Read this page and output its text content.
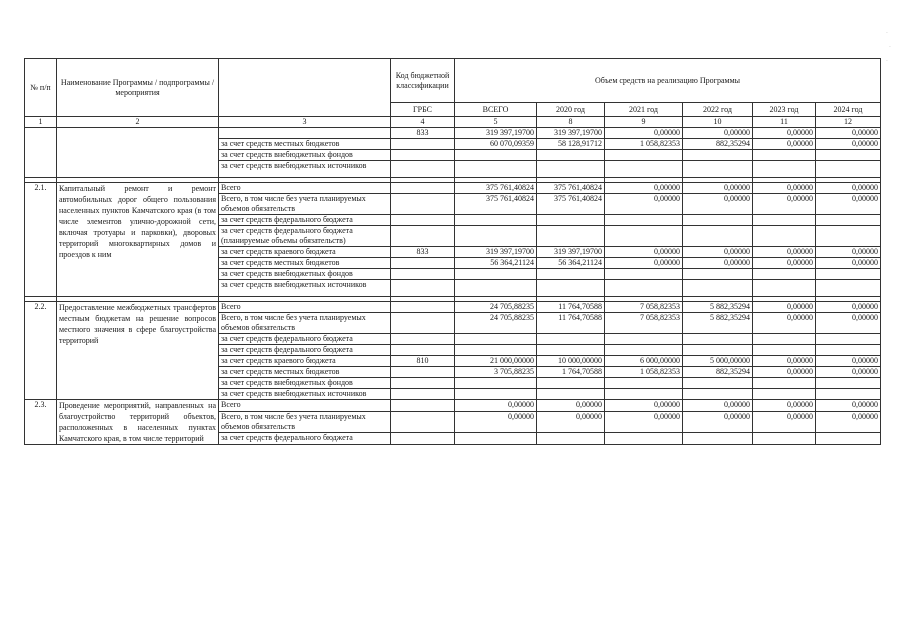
·
·
·
№ п/п	Наименование Программы / подпрограммы / мероприятия		Код бюджетной классификации	Объем средств на реализацию Программы					
			ГРБС	ВСЕГО	2020 год	2021 год	2022 год	2023 год	2024 год
1	2	3	4	5	8	9	10	11	12
			833	319 397,19700	319 397,19700	0,00000	0,00000	0,00000	0,00000
		за счет средств местных бюджетов		60 070,09359	58 128,91712	1 058,82353	882,35294	0,00000	0,00000
		за счет средств внебюджетных фондов							
		за счет средств внебюджетных источников							

2.1.	Капитальный ремонт и ремонт автомобильных дорог общего пользования населенных пунктов Камчатского края (в том числе элементов улично-дорожной сети, включая тротуары и парковки), дворовых территорий многоквартирных домов и проездов к ним	Всего		375 761,40824	375 761,40824	0,00000	0,00000	0,00000	0,00000
		Всего, в том числе без учета планируемых объемов обязательств		375 761,40824	375 761,40824	0,00000	0,00000	0,00000	0,00000
		за счет средств федерального бюджета							
		за счет средств федерального бюджета (планируемые объемы обязательств)							
		за счет средств краевого бюджета	833	319 397,19700	319 397,19700	0,00000	0,00000	0,00000	0,00000
		за счет средств местных бюджетов		56 364,21124	56 364,21124	0,00000	0,00000	0,00000	0,00000
		за счет средств внебюджетных фондов							
		за счет средств внебюджетных источников							

2.2.	Предоставление межбюджетных трансфертов местным бюджетам на решение вопросов местного значения в сфере благоустройства территорий	Всего		24 705,88235	11 764,70588	7 058,82353	5 882,35294	0,00000	0,00000
		Всего, в том числе без учета планируемых объемов обязательств		24 705,88235	11 764,70588	7 058,82353	5 882,35294	0,00000	0,00000
		за счет средств федерального бюджета							
		за счет средств федерального бюджета							
		за счет средств краевого бюджета	810	21 000,00000	10 000,00000	6 000,00000	5 000,00000	0,00000	0,00000
		за счет средств местных бюджетов		3 705,88235	1 764,70588	1 058,82353	882,35294	0,00000	0,00000
		за счет средств внебюджетных фондов							
		за счет средств внебюджетных источников							
2.3.	Проведение мероприятий, направленных на благоустройство территорий объектов, расположенных в населенных пунктах Камчатского края, в том числе территорий	Всего		0,00000	0,00000	0,00000	0,00000	0,00000	0,00000
		Всего, в том числе без учета планируемых объемов обязательств		0,00000	0,00000	0,00000	0,00000	0,00000	0,00000
		за счет средств федерального бюджета							
